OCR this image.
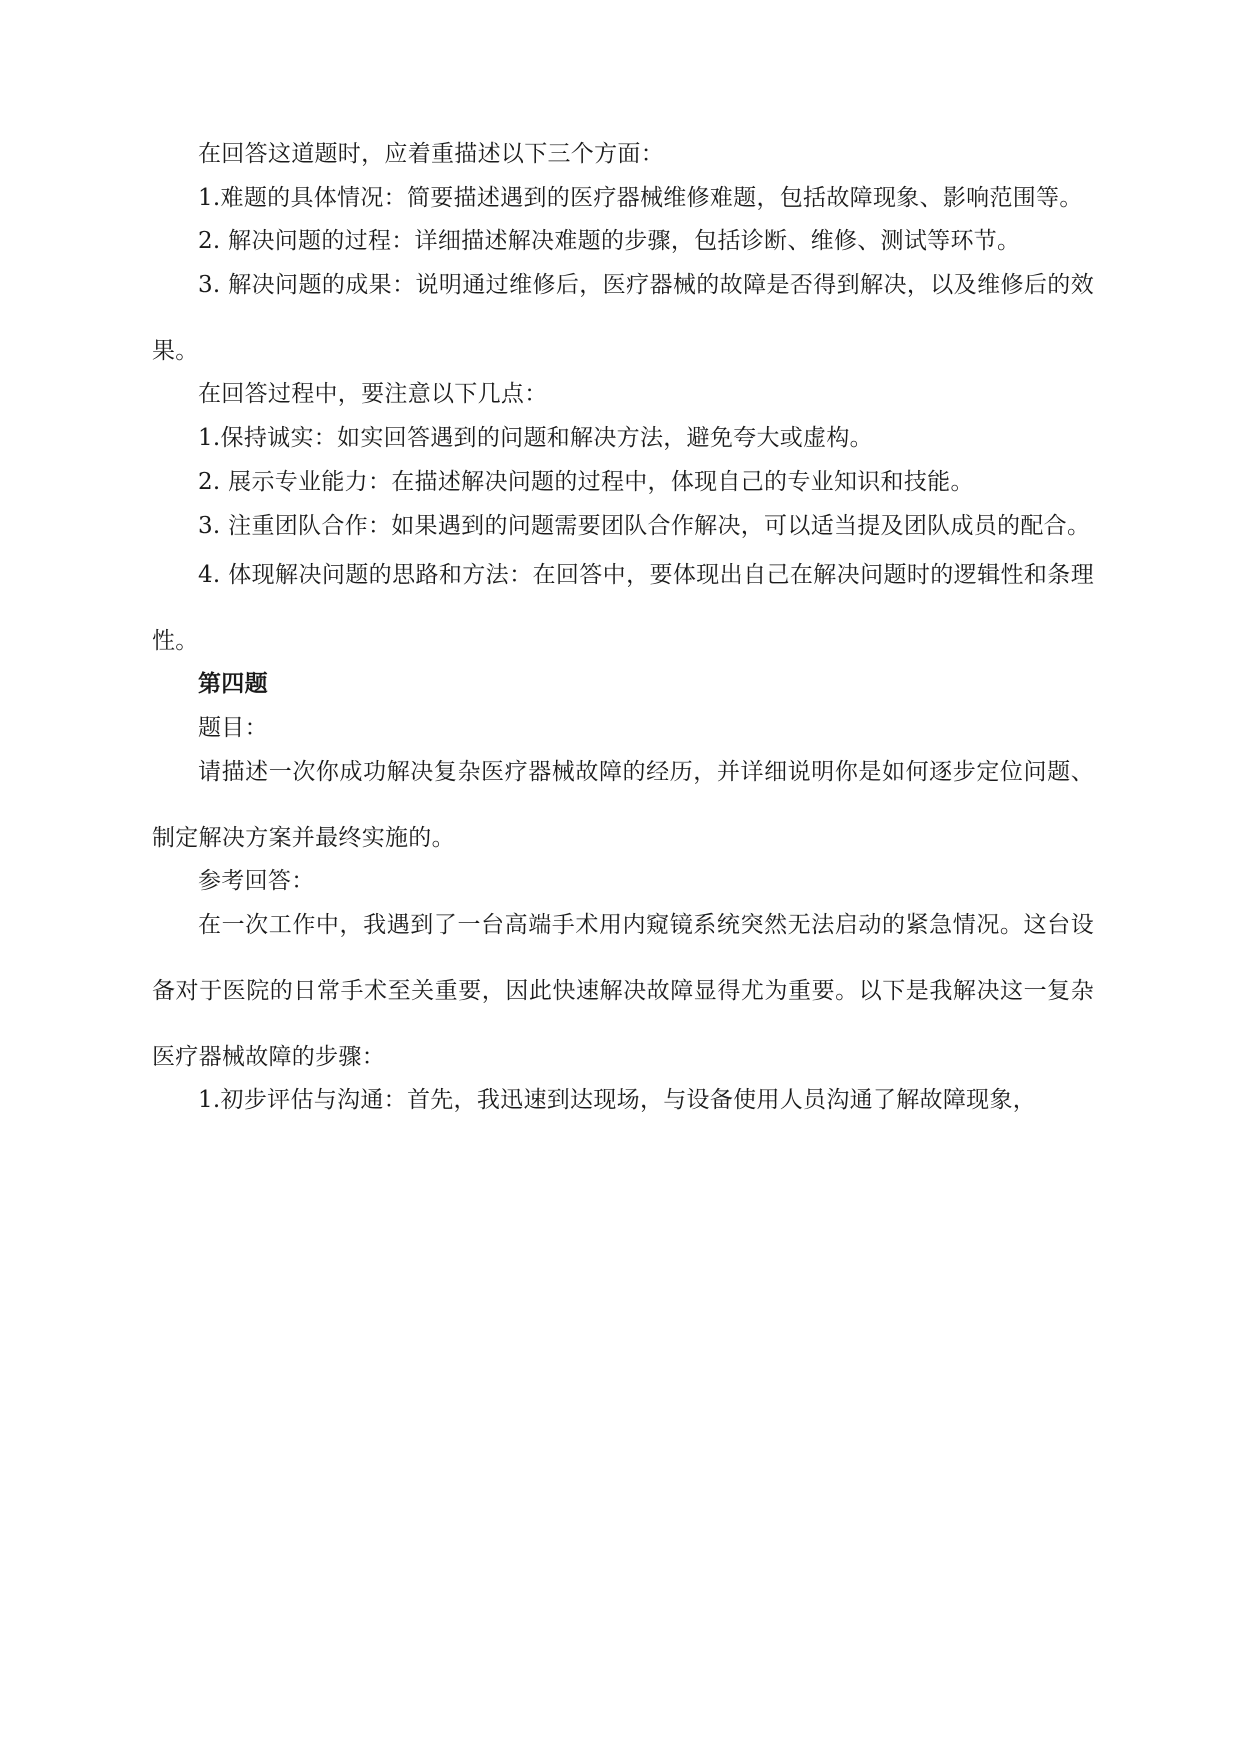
在回答这道题时，应着重描述以下三个方面：

1.难题的具体情况：简要描述遇到的医疗器械维修难题，包括故障现象、影响范围等。

2. 解决问题的过程：详细描述解决难题的步骤，包括诊断、维修、测试等环节。

3. 解决问题的成果：说明通过维修后，医疗器械的故障是否得到解决，以及维修后的效果。

在回答过程中，要注意以下几点：

1.保持诚实：如实回答遇到的问题和解决方法，避免夸大或虚构。

2. 展示专业能力：在描述解决问题的过程中，体现自己的专业知识和技能。

3. 注重团队合作：如果遇到的问题需要团队合作解决，可以适当提及团队成员的配合。

4. 体现解决问题的思路和方法：在回答中，要体现出自己在解决问题时的逻辑性和条理性。

第四题

题目：

请描述一次你成功解决复杂医疗器械故障的经历，并详细说明你是如何逐步定位问题、制定解决方案并最终实施的。

参考回答：

在一次工作中，我遇到了一台高端手术用内窥镜系统突然无法启动的紧急情况。这台设备对于医院的日常手术至关重要，因此快速解决故障显得尤为重要。以下是我解决这一复杂医疗器械故障的步骤：

1.初步评估与沟通：首先，我迅速到达现场，与设备使用人员沟通了解故障现象，
